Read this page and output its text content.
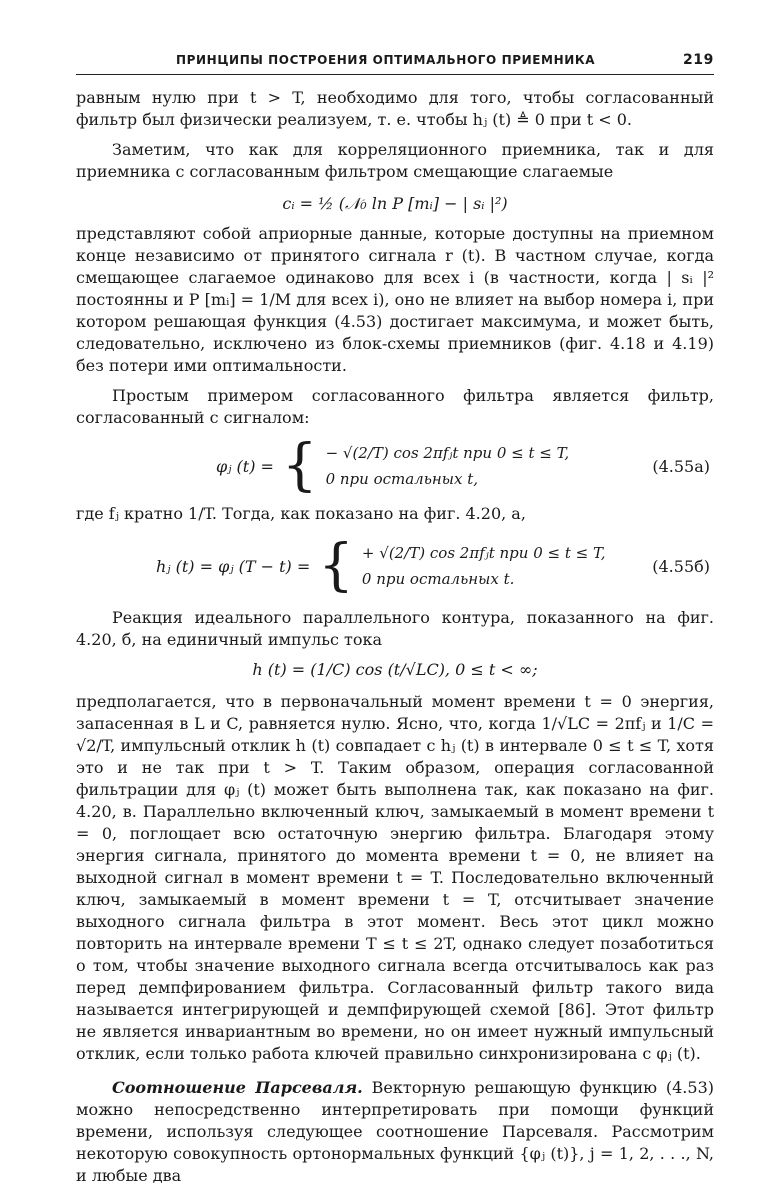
ПРИНЦИПЫ ПОСТРОЕНИЯ ОПТИМАЛЬНОГО ПРИЕМНИКА	219

равным нулю при t > T, необходимо для того, чтобы согласованный фильтр был физически реализуем, т. е. чтобы hⱼ (t) ≜ 0 при t < 0.

Заметим, что как для корреляционного приемника, так и для приемника с согласованным фильтром смещающие слагаемые

cᵢ = ½ (𝒩₀ ln P [mᵢ] − | sᵢ |²)

представляют собой априорные данные, которые доступны на приемном конце независимо от принятого сигнала r (t). В частном случае, когда смещающее слагаемое одинаково для всех i (в частности, когда | sᵢ |² постоянны и P [mᵢ] = 1/M для всех i), оно не влияет на выбор номера i, при котором решающая функция (4.53) достигает максимума, и может быть, следовательно, исключено из блок-схемы приемников (фиг. 4.18 и 4.19) без потери ими оптимальности.

Простым примером согласованного фильтра является фильтр, согласованный с сигналом:

φⱼ (t) = { − √(2/T) cos 2πfⱼt при 0 ≤ t ≤ T,
0 при остальных t,
(4.55а)

где fⱼ кратно 1/T. Тогда, как показано на фиг. 4.20, a,

hⱼ (t) = φⱼ (T − t) = { + √(2/T) cos 2πfⱼt при 0 ≤ t ≤ T,
0 при остальных t.
(4.55б)

Реакция идеального параллельного контура, показанного на фиг. 4.20, б, на единичный импульс тока

h (t) = (1/C) cos (t/√LC), 0 ≤ t < ∞;

предполагается, что в первоначальный момент времени t = 0 энергия, запасенная в L и C, равняется нулю. Ясно, что, когда 1/√LC = 2πfⱼ и 1/C = √2/T, импульсный отклик h (t) совпадает с hⱼ (t) в интервале 0 ≤ t ≤ T, хотя это и не так при t > T. Таким образом, операция согласованной фильтрации для φⱼ (t) может быть выполнена так, как показано на фиг. 4.20, в. Параллельно включенный ключ, замыкаемый в момент времени t = 0, поглощает всю остаточную энергию фильтра. Благодаря этому энергия сигнала, принятого до момента времени t = 0, не влияет на выходной сигнал в момент времени t = T. Последовательно включенный ключ, замыкаемый в момент времени t = T, отсчитывает значение выходного сигнала фильтра в этот момент. Весь этот цикл можно повторить на интервале времени T ≤ t ≤ 2T, однако следует позаботиться о том, чтобы значение выходного сигнала всегда отсчитывалось как раз перед демпфированием фильтра. Согласованный фильтр такого вида называется интегрирующей и демпфирующей схемой [86]. Этот фильтр не является инвариантным во времени, но он имеет нужный импульсный отклик, если только работа ключей правильно синхронизирована с φⱼ (t).

Соотношение Парсеваля. Векторную решающую функцию (4.53) можно непосредственно интерпретировать при помощи функций времени, используя следующее соотношение Парсеваля. Рассмотрим некоторую совокупность ортонормальных функций {φⱼ (t)}, j = 1, 2, . . ., N, и любые два
